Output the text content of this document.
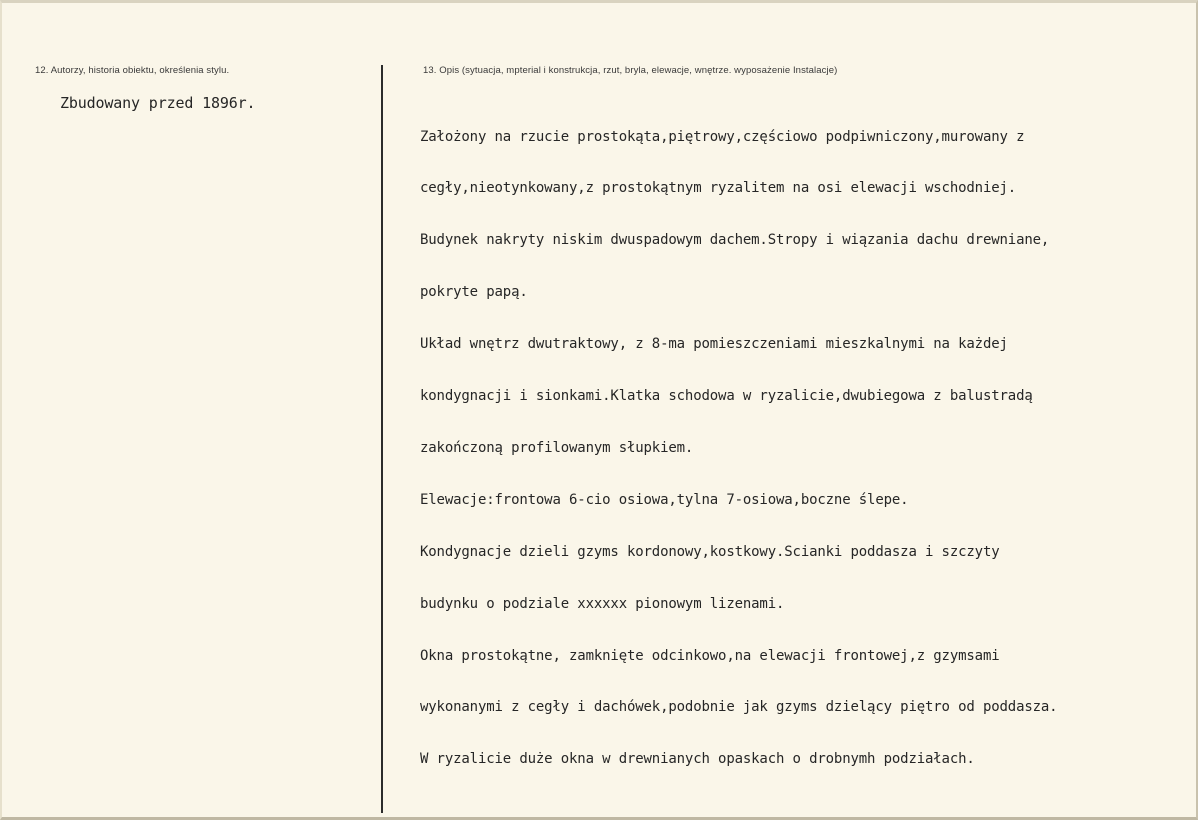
12. Autorzy, historia obiektu, określenia stylu.
Zbudowany przed 1896r.
13. Opis (sytuacja, mpterial i konstrukcja, rzut, bryla, elewacje, wnętrze. wyposażenie Instalacje)

Założony na rzucie prostokąta,piętrowy,częściowo podpiwniczony,murowany z

cegły,nieotynkowany,z prostokątnym ryzalitem na osi elewacji wschodniej.

Budynek nakryty niskim dwuspadowym dachem.Stropy i wiązania dachu drewniane,

pokryte papą.

Układ wnętrz dwutraktowy, z 8-ma pomieszczeniami mieszkalnymi na każdej

kondygnacji i sionkami.Klatka schodowa w ryzalicie,dwubiegowa z balustradą

zakończoną profilowanym słupkiem.

Elewacje:frontowa 6-cio osiowa,tylna 7-osiowa,boczne ślepe.

Kondygnacje dzieli gzyms kordonowy,kostkowy.Scianki poddasza i szczyty

budynku o podziale xxxxxx pionowym lizenami.

Okna prostokątne, zamknięte odcinkowo,na elewacji frontowej,z gzymsami

wykonanymi z cegły i dachówek,podobnie jak gzyms dzielący piętro od poddasza.

W ryzalicie duże okna w drewnianych opaskach o drobnymh podziałach.
